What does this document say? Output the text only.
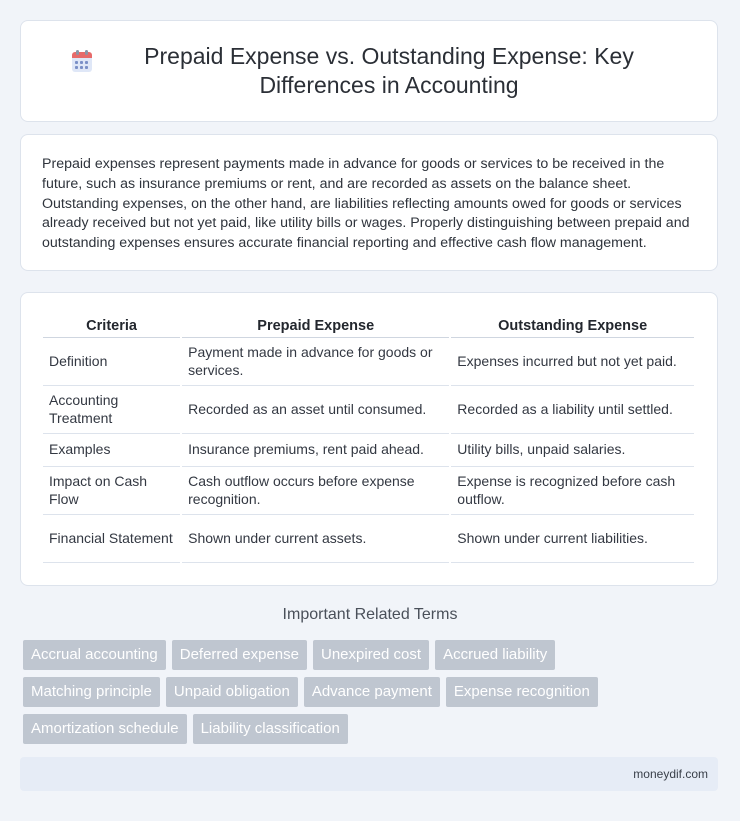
Prepaid Expense vs. Outstanding Expense: Key Differences in Accounting

Prepaid expenses represent payments made in advance for goods or services to be received in the future, such as insurance premiums or rent, and are recorded as assets on the balance sheet. Outstanding expenses, on the other hand, are liabilities reflecting amounts owed for goods or services already received but not yet paid, like utility bills or wages. Properly distinguishing between prepaid and outstanding expenses ensures accurate financial reporting and effective cash flow management.

Criteria	Prepaid Expense	Outstanding Expense
Definition	Payment made in advance for goods or services.	Expenses incurred but not yet paid.
Accounting Treatment	Recorded as an asset until consumed.	Recorded as a liability until settled.
Examples	Insurance premiums, rent paid ahead.	Utility bills, unpaid salaries.
Impact on Cash Flow	Cash outflow occurs before expense recognition.	Expense is recognized before cash outflow.
Financial Statement	Shown under current assets.	Shown under current liabilities.
Important Related Terms
Accrual accounting	Deferred expense	Unexpired cost	Accrued liability
Matching principle	Unpaid obligation	Advance payment	Expense recognition
Amortization schedule	Liability classification
moneydif.com
